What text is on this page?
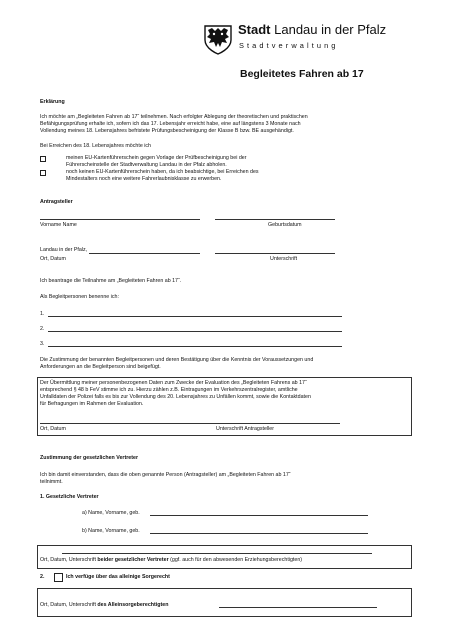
Stadt Landau in der Pfalz
Stadtverwaltung
Begleitetes Fahren ab 17
Erklärung
Ich möchte am „Begleiteten Fahren ab 17“ teilnehmen. Nach erfolgter Ablegung der theoretischen und praktischen
Befähigungsprüfung erhalte ich, sofern ich das 17. Lebensjahr erreicht habe, eine auf längstens 3 Monate nach
Vollendung meines 18. Lebensjahres befristete Prüfungsbescheinigung der Klasse B bzw. BE ausgehändigt.
Bei Erreichen des 18. Lebensjahres möchte ich
meinen EU-Kartenführerschein gegen Vorlage der Prüfbescheinigung bei der
Führerscheinstelle der Stadtverwaltung Landau in der Pfalz abholen.
noch keinen EU-Kartenführerschein haben, da ich beabsichtige, bei Erreichen des
Mindestalters noch eine weitere Fahrerlaubnisklasse zu erwerben.
Antragsteller
Vorname Name	Geburtsdatum
Landau in der Pfalz,
Ort, Datum	Unterschrift
Ich beantrage die Teilnahme am „Begleiteten Fahren ab 17“.
Als Begleitpersonen benenne ich:
1.
2.
3.
Die Zustimmung der benannten Begleitpersonen und deren Bestätigung über die Kenntnis der Voraussetzungen und
Anforderungen an die Begleitperson sind beigefügt.
Der Übermittlung meiner personenbezogenen Daten zum Zwecke der Evaluation des „Begleiteten Fahrens ab 17“
entsprechend § 48 b FeV stimme ich zu. Hierzu zählen z.B. Eintragungen im Verkehrszentralregister, amtliche
Unfalldaten der Polizei falls es bis zur Vollendung des 20. Lebensjahres zu Unfällen kommt, sowie die Kontaktdaten
für Befragungen im Rahmen der Evaluation.
Ort, Datum	Unterschrift Antragsteller
Zustimmung der gesetzlichen Vertreter
Ich bin damit einverstanden, dass die oben genannte Person (Antragsteller) am „Begleiteten Fahren ab 17“
teilnimmt.
1. Gesetzliche Vertreter
a) Name, Vorname, geb.
b) Name, Vorname, geb.
Ort, Datum, Unterschrift beider gesetzlicher Vertreter (ggf. auch für den abwesenden Erziehungsberechtigten)
2.	Ich verfüge über das alleinige Sorgerecht
Ort, Datum, Unterschrift des Alleinsorgeberechtigten
